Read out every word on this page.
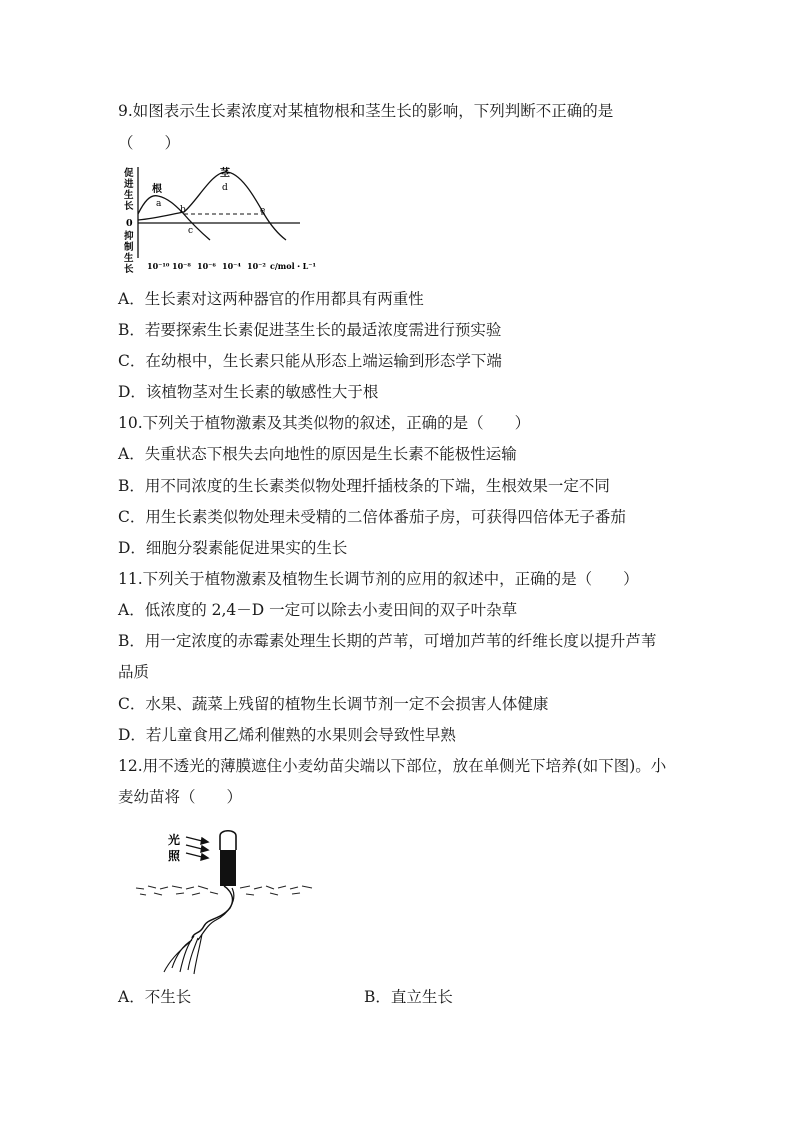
9.如图表示生长素浓度对某植物根和茎生长的影响，下列判断不正确的是
（　　）
促
进
生
长
0
抑
制
生
长
根
茎
a
b
c
d
e
10⁻¹⁰ 10⁻⁸ 10⁻⁶ 10⁻⁴ 10⁻² c/mol・L⁻¹
A．生长素对这两种器官的作用都具有两重性
B．若要探索生长素促进茎生长的最适浓度需进行预实验
C．在幼根中，生长素只能从形态上端运输到形态学下端
D．该植物茎对生长素的敏感性大于根
10.下列关于植物激素及其类似物的叙述，正确的是（　　）
A．失重状态下根失去向地性的原因是生长素不能极性运输
B．用不同浓度的生长素类似物处理扦插枝条的下端，生根效果一定不同
C．用生长素类似物处理未受精的二倍体番茄子房，可获得四倍体无子番茄
D．细胞分裂素能促进果实的生长
11.下列关于植物激素及植物生长调节剂的应用的叙述中，正确的是（　　）
A．低浓度的 2,4－D 一定可以除去小麦田间的双子叶杂草
B．用一定浓度的赤霉素处理生长期的芦苇，可增加芦苇的纤维长度以提升芦苇
品质
C．水果、蔬菜上残留的植物生长调节剂一定不会损害人体健康
D．若儿童食用乙烯利催熟的水果则会导致性早熟
12.用不透光的薄膜遮住小麦幼苗尖端以下部位，放在单侧光下培养(如下图)。小
麦幼苗将（　　）
光
照
A．不生长	B．直立生长
